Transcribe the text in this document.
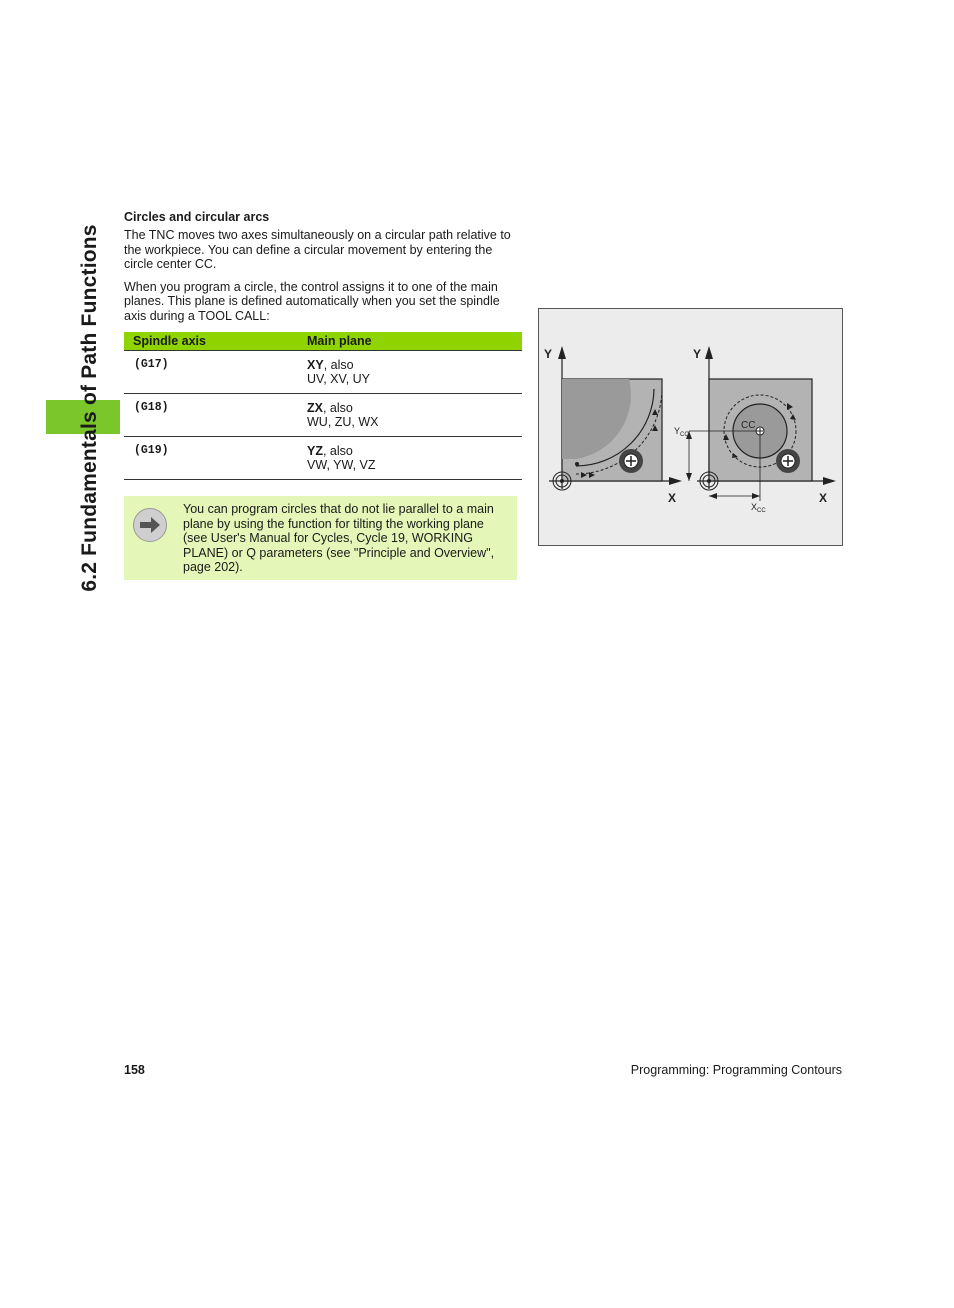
6.2 Fundamentals of Path Functions
Circles and circular arcs

The TNC moves two axes simultaneously on a circular path relative to the workpiece. You can define a circular movement by entering the circle center CC.

When you program a circle, the control assigns it to one of the main planes. This plane is defined automatically when you set the spindle axis during a TOOL CALL:

Spindle axis	Main plane
(G17)	XY, also
UV, XV, UY
(G18)	ZX, also
WU, ZU, WX
(G19)	YZ, also
VW, YW, VZ
You can program circles that do not lie parallel to a main plane by using the function for tilting the working plane (see User's Manual for Cycles, Cycle 19, WORKING PLANE) or Q parameters (see "Principle and Overview", page 202).
Y
X
Y
X
CC
$Y_{CC}$
$X_{CC}$
158	Programming: Programming Contours
